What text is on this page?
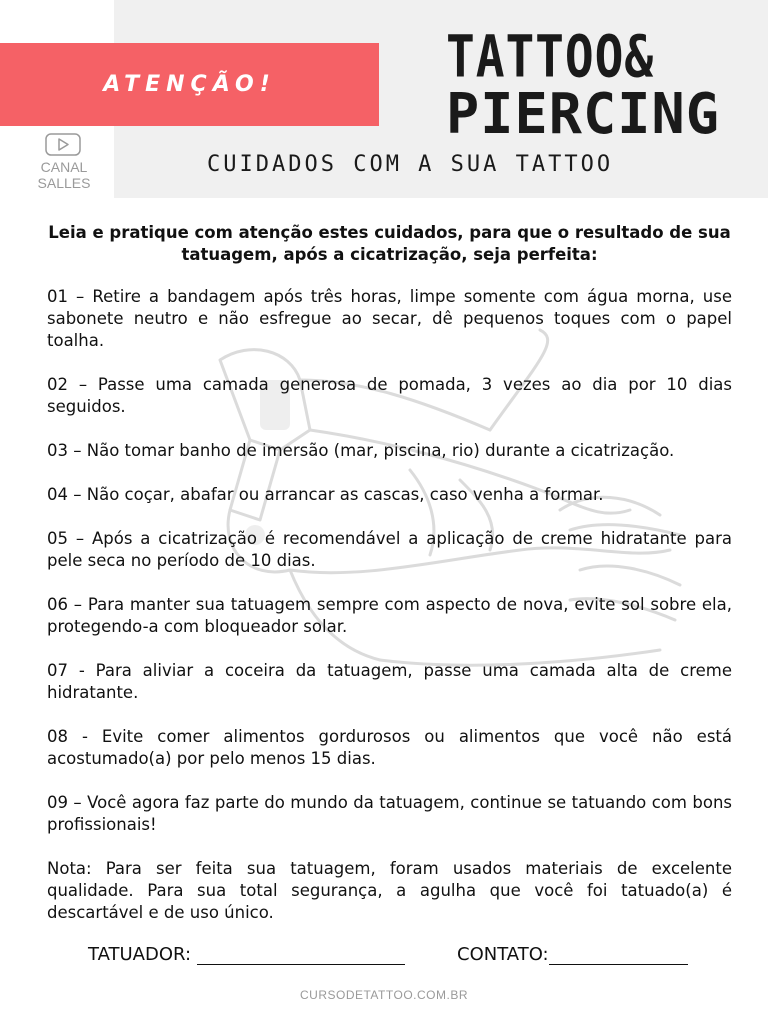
ATENÇÃO!
CANAL
SALLES
TATTOO&
PIERCING
CUIDADOS COM A SUA TATTOO

Leia e pratique com atenção estes cuidados, para que o resultado de sua tatuagem, após a cicatrização, seja perfeita:

01 – Retire a bandagem após três horas, limpe somente com água morna, use sabonete neutro e não esfregue ao secar, dê pequenos toques com o papel toalha.

02 – Passe uma camada generosa de pomada, 3 vezes ao dia por 10 dias seguidos.

03 – Não tomar banho de imersão (mar, piscina, rio) durante a cicatrização.

04 – Não coçar, abafar ou arrancar as cascas, caso venha a formar.

05 – Após a cicatrização é recomendável a aplicação de creme hidratante para pele seca no período de 10 dias.

06 – Para manter sua tatuagem sempre com aspecto de nova, evite sol sobre ela, protegendo-a com bloqueador solar.

07 - Para aliviar a coceira da tatuagem, passe uma camada alta de creme hidratante.

08 - Evite comer alimentos gordurosos ou alimentos que você não está acostumado(a) por pelo menos 15 dias.

09 – Você agora faz parte do mundo da tatuagem, continue se tatuando com bons profissionais!

Nota: Para ser feita sua tatuagem, foram usados materiais de excelente qualidade. Para sua total segurança, a agulha que você foi tatuado(a) é descartável e de uso único.

TATUADOR:	CONTATO:
CURSODETATTOO.COM.BR
